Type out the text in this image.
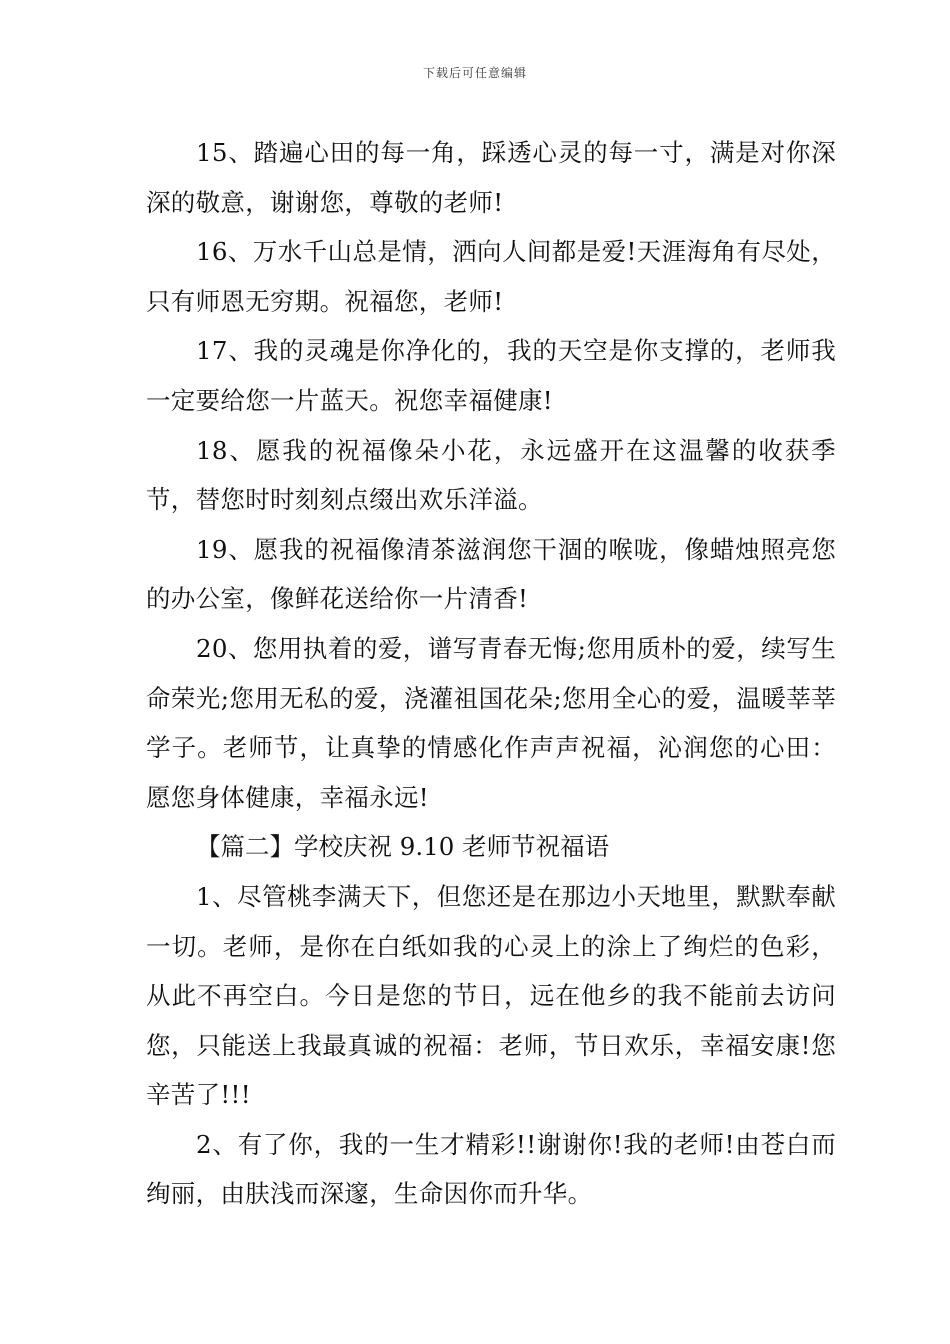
下载后可任意编辑

15、踏遍心田的每一角，踩透心灵的每一寸，满是对你深深的敬意，谢谢您，尊敬的老师!

16、万水千山总是情，洒向人间都是爱!天涯海角有尽处，只有师恩无穷期。祝福您，老师!

17、我的灵魂是你净化的，我的天空是你支撑的，老师我一定要给您一片蓝天。祝您幸福健康!

18、愿我的祝福像朵小花，永远盛开在这温馨的收获季节，替您时时刻刻点缀出欢乐洋溢。

19、愿我的祝福像清茶滋润您干涸的喉咙，像蜡烛照亮您的办公室，像鲜花送给你一片清香!

20、您用执着的爱，谱写青春无悔;您用质朴的爱，续写生命荣光;您用无私的爱，浇灌祖国花朵;您用全心的爱，温暖莘莘学子。老师节，让真挚的情感化作声声祝福，沁润您的心田：愿您身体健康，幸福永远!

【篇二】学校庆祝 9.10 老师节祝福语

1、尽管桃李满天下，但您还是在那边小天地里，默默奉献一切。老师，是你在白纸如我的心灵上的涂上了绚烂的色彩，从此不再空白。今日是您的节日，远在他乡的我不能前去访问您，只能送上我最真诚的祝福：老师，节日欢乐，幸福安康!您辛苦了!!!

2、有了你，我的一生才精彩!!谢谢你!我的老师!由苍白而绚丽，由肤浅而深邃，生命因你而升华。
